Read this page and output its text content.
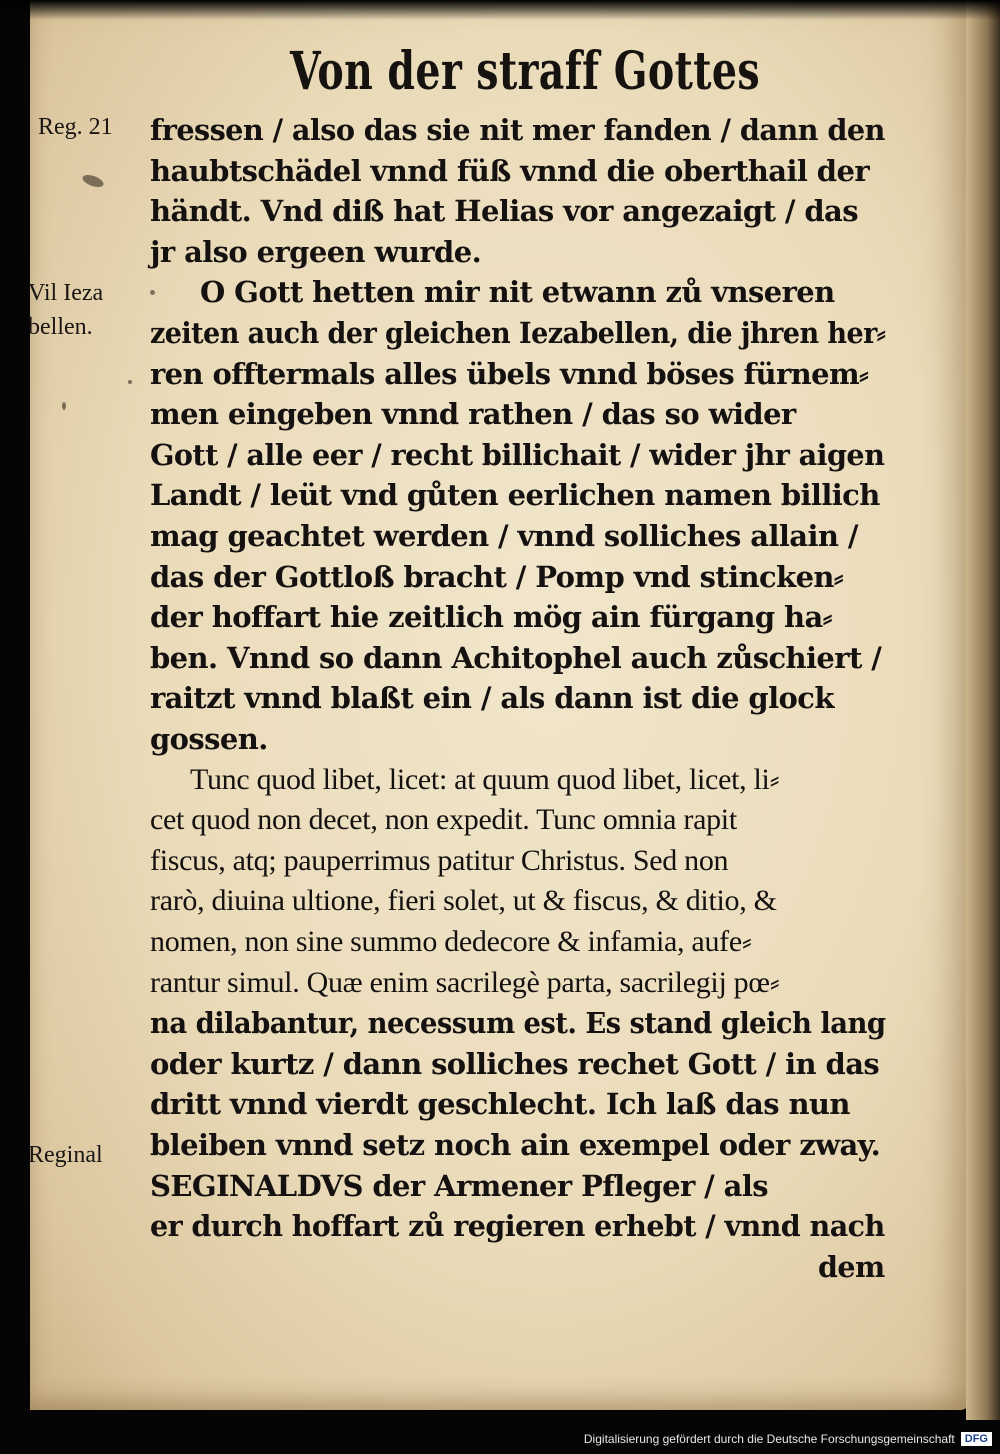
Von der straff Gottes
Reg. 21
Vil Ieza
bellen.
Reginal
fressen / also das sie nit mer fanden / dann den
haubtschädel vnnd füß vnnd die oberthail der
händt. Vnd diß hat Helias vor angezaigt / das
jr also ergeen wurde.
O Gott hetten mir nit etwann zů vnseren
zeiten auch der gleichen Iezabellen, die jhren her⸗
ren offtermals alles übels vnnd böses fürnem⸗
men eingeben vnnd rathen / das so wider
Gott / alle eer / recht billichait / wider jhr aigen
Landt / leüt vnd gůten eerlichen namen billich
mag geachtet werden / vnnd solliches allain /
das der Gottloß bracht / Pomp vnd stincken⸗
der hoffart hie zeitlich mög ain fürgang ha⸗
ben. Vnnd so dann Achitophel auch zůschiert /
raitzt vnnd blaßt ein / als dann ist die glock
gossen.
Tunc quod libet, licet: at quum quod libet, licet, li⸗
cet quod non decet, non expedit. Tunc omnia rapit
fiscus, atq; pauperrimus patitur Christus. Sed non
rarò, diuina ultione, fieri solet, ut & fiscus, & ditio, &
nomen, non sine summo dedecore & infamia, aufe⸗
rantur simul. Quæ enim sacrilegè parta, sacrilegij pœ⸗
na dilabantur, necessum est. Es stand gleich lang
oder kurtz / dann solliches rechet Gott / in das
dritt vnnd vierdt geschlecht. Ich laß das nun
bleiben vnnd setz noch ain exempel oder zway.
SEGINALDVS der Armener Pfleger / als
er durch hoffart zů regieren erhebt / vnnd nach
dem
Digitalisierung gefördert durch die Deutsche Forschungsgemeinschaft DFG
